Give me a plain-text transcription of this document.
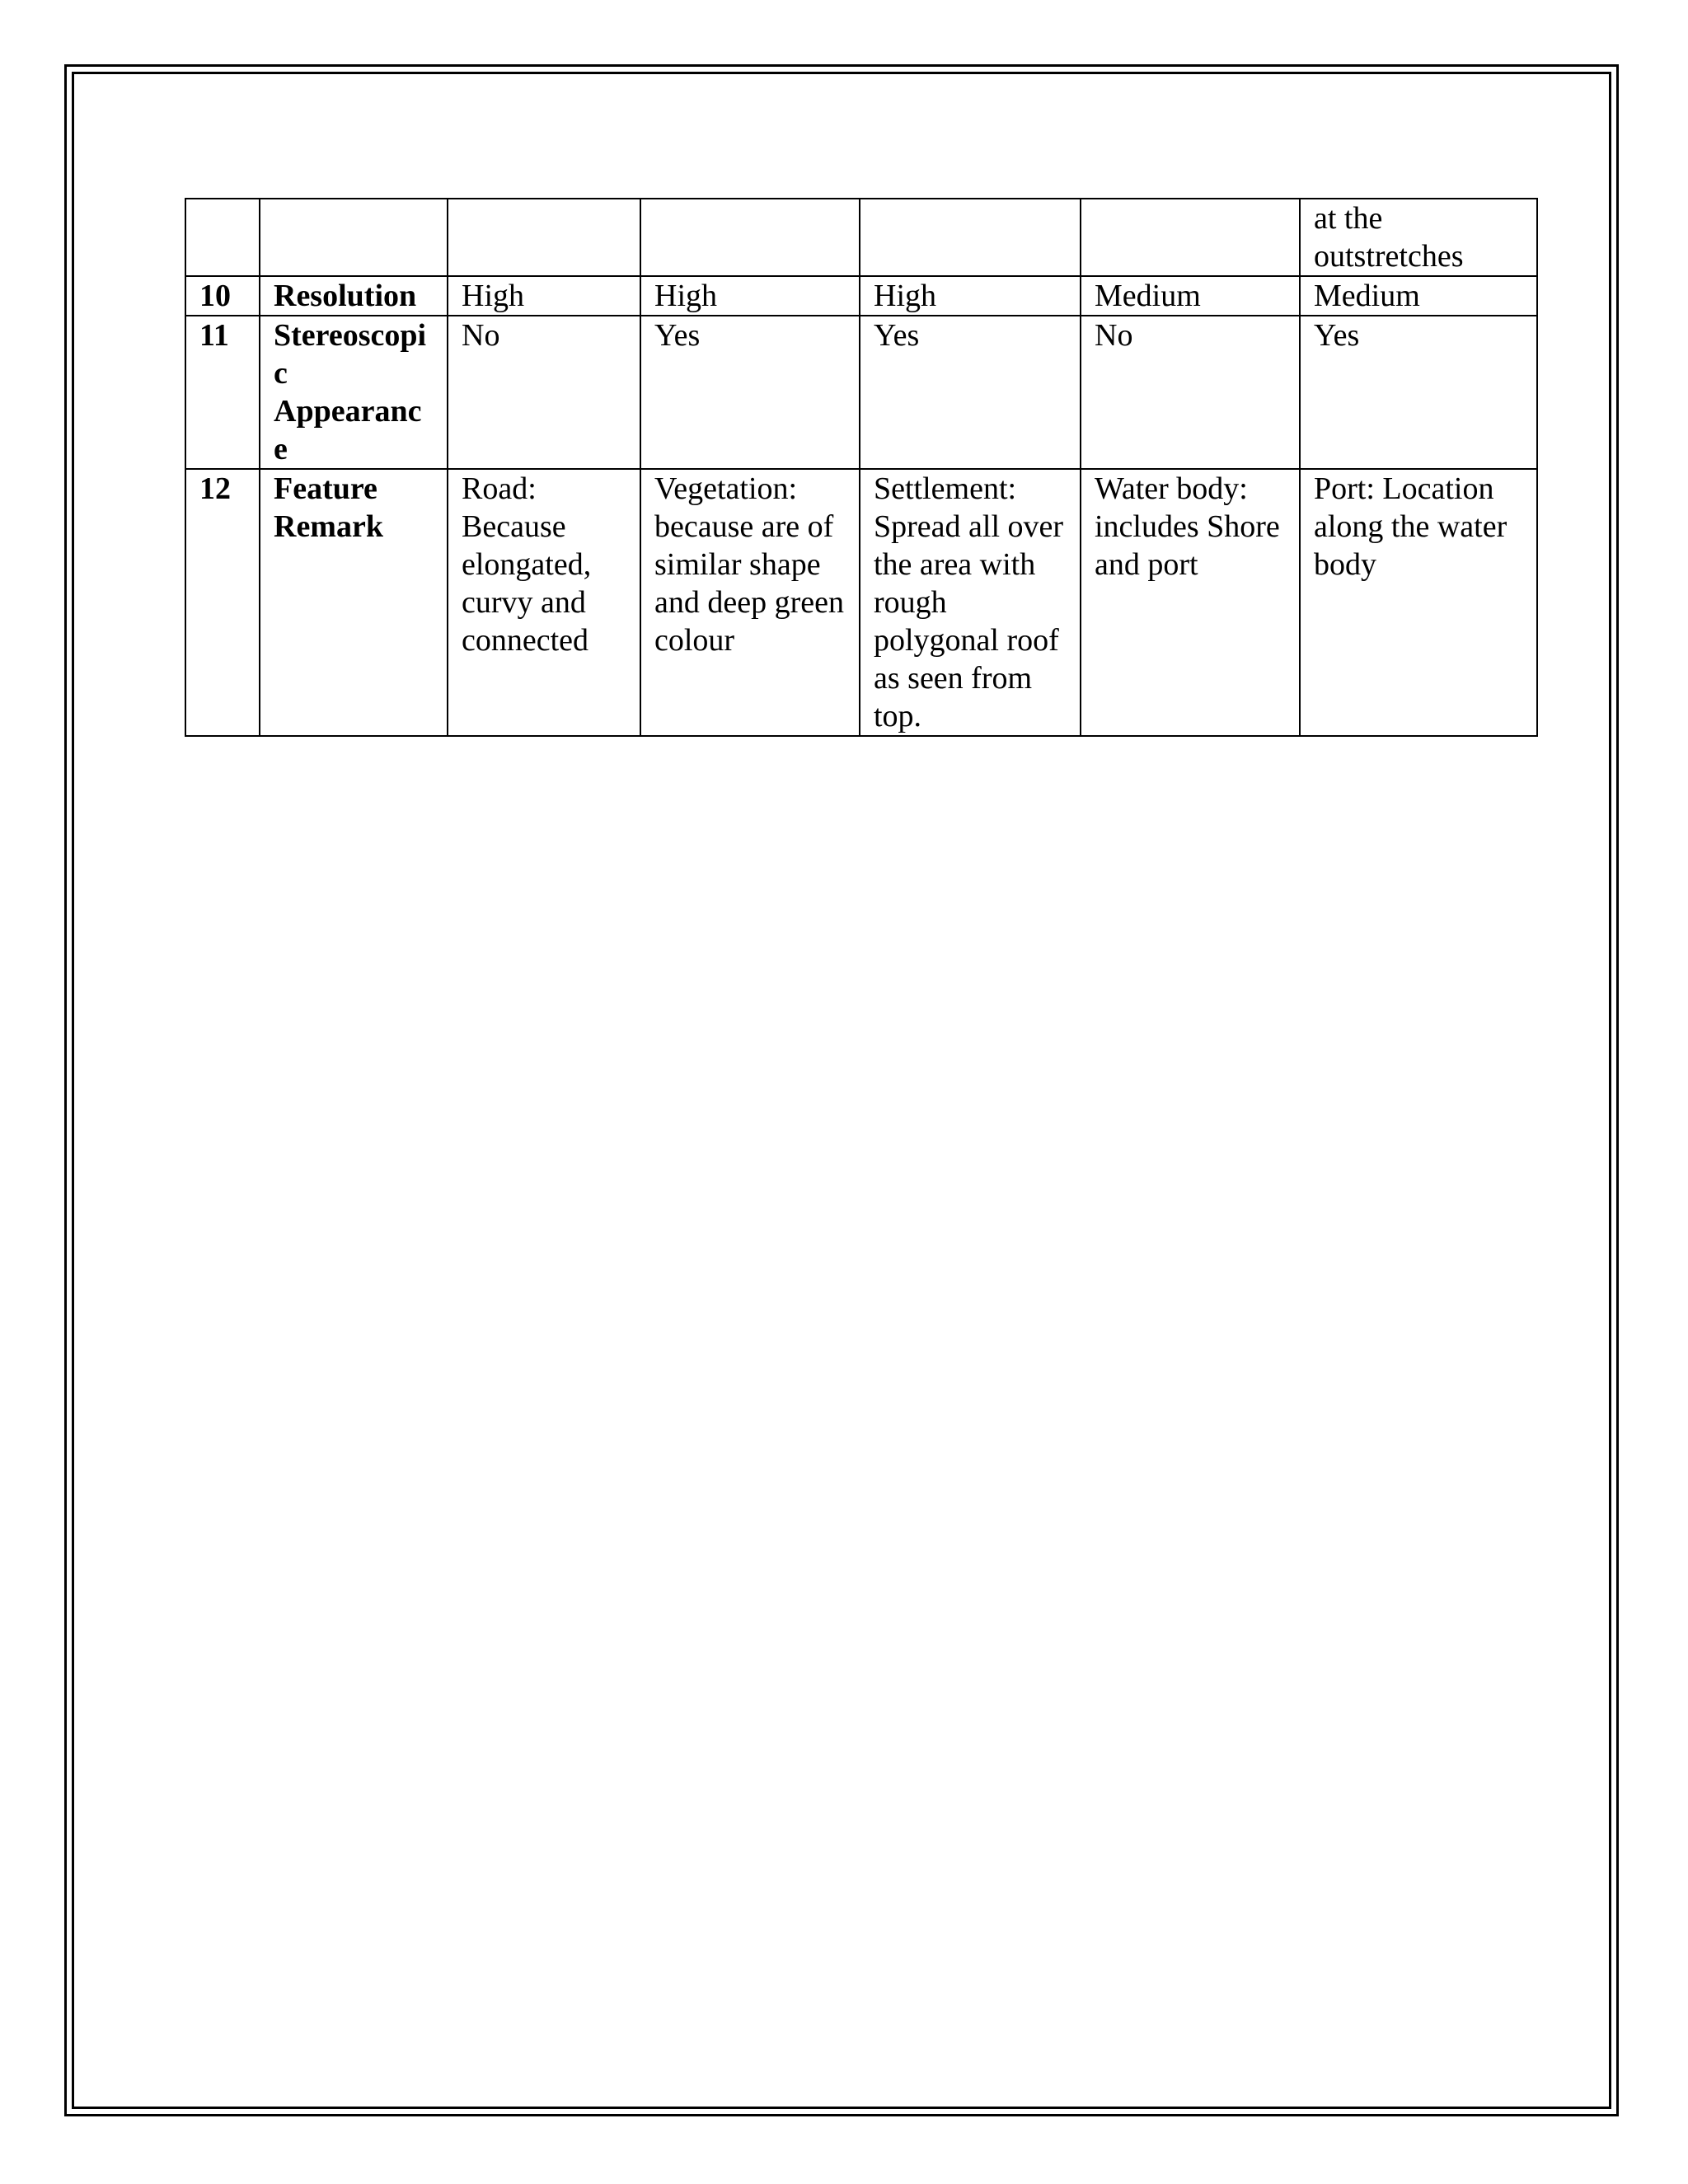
						at the outstretches
10	Resolution	High	High	High	Medium	Medium
11	Stereoscopic Appearance	No	Yes	Yes	No	Yes
12	Feature Remark	Road: Because elongated, curvy and connected	Vegetation: because are of similar shape and deep green colour	Settlement: Spread all over the area with rough polygonal roof as seen from top.	Water body: includes Shore and port	Port: Location along the water body
